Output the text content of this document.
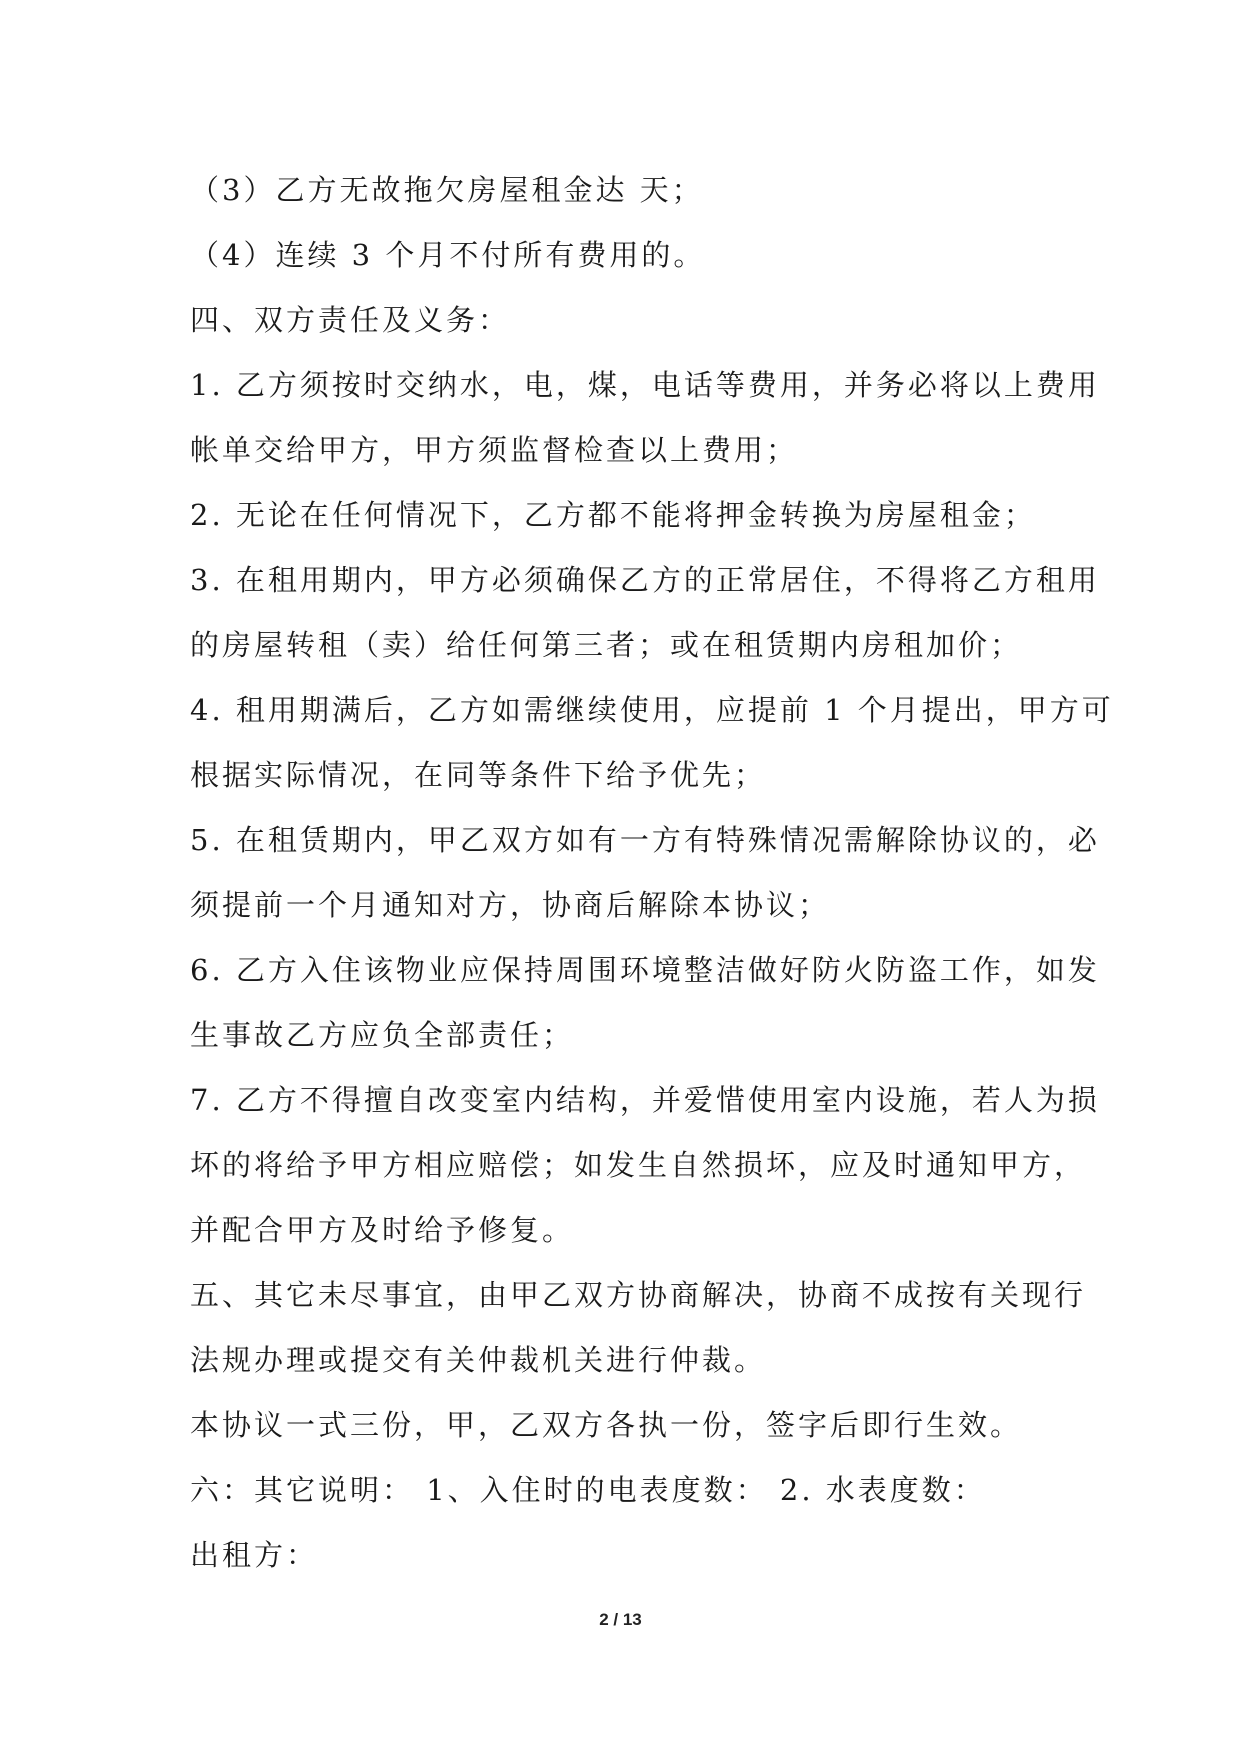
（3）乙方无故拖欠房屋租金达 天；
（4）连续 3 个月不付所有费用的。
四、双方责任及义务：
1. 乙方须按时交纳水，电，煤，电话等费用，并务必将以上费用
帐单交给甲方，甲方须监督检查以上费用；
2. 无论在任何情况下，乙方都不能将押金转换为房屋租金；
3. 在租用期内，甲方必须确保乙方的正常居住，不得将乙方租用
的房屋转租（卖）给任何第三者；或在租赁期内房租加价；
4. 租用期满后，乙方如需继续使用，应提前 1 个月提出，甲方可
根据实际情况，在同等条件下给予优先；
5. 在租赁期内，甲乙双方如有一方有特殊情况需解除协议的，必
须提前一个月通知对方，协商后解除本协议；
6. 乙方入住该物业应保持周围环境整洁做好防火防盗工作，如发
生事故乙方应负全部责任；
7. 乙方不得擅自改变室内结构，并爱惜使用室内设施，若人为损
坏的将给予甲方相应赔偿；如发生自然损坏，应及时通知甲方，
并配合甲方及时给予修复。
五、其它未尽事宜，由甲乙双方协商解决，协商不成按有关现行
法规办理或提交有关仲裁机关进行仲裁。
本协议一式三份，甲，乙双方各执一份，签字后即行生效。
六：其它说明： 1、入住时的电表度数： 2. 水表度数：
出租方：
2 / 13
